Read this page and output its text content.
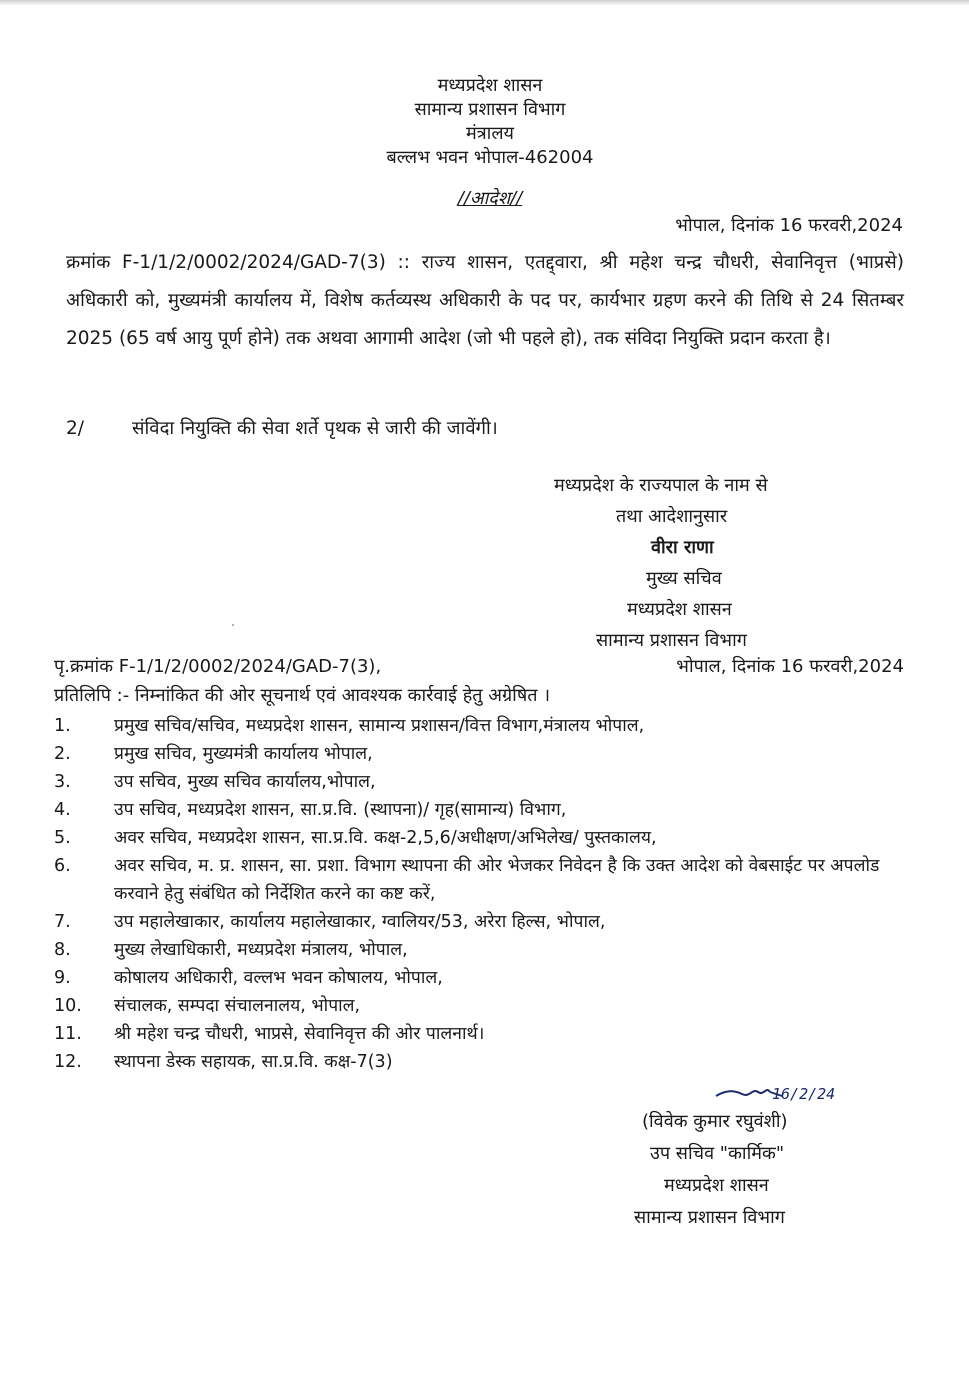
मध्यप्रदेश शासन
सामान्य प्रशासन विभाग
मंत्रालय
बल्लभ भवन भोपाल-462004
//आदेश//
भोपाल, दिनांक 16 फरवरी,2024
क्रमांक F-1/1/2/0002/2024/GAD-7(3) :: राज्य शासन, एतद्द्वारा, श्री महेश चन्द्र चौधरी, सेवानिवृत्त (भाप्रसे) अधिकारी को, मुख्यमंत्री कार्यालय में, विशेष कर्तव्यस्थ अधिकारी के पद पर, कार्यभार ग्रहण करने की तिथि से 24 सितम्बर 2025 (65 वर्ष आयु पूर्ण होने) तक अथवा आगामी आदेश (जो भी पहले हो), तक संविदा नियुक्ति प्रदान करता है।
2/	संविदा नियुक्ति की सेवा शर्ते पृथक से जारी की जावेंगी।
मध्यप्रदेश के राज्यपाल के नाम से
तथा आदेशानुसार
वीरा राणा
मुख्य सचिव
मध्यप्रदेश शासन
सामान्य प्रशासन विभाग
पृ.क्रमांक F-1/1/2/0002/2024/GAD-7(3),	भोपाल, दिनांक 16 फरवरी,2024
प्रतिलिपि :- निम्नांकित की ओर सूचनार्थ एवं आवश्यक कार्रवाई हेतु अग्रेषित ।
1.	प्रमुख सचिव/सचिव, मध्यप्रदेश शासन, सामान्य प्रशासन/वित्त विभाग,मंत्रालय भोपाल,
2.	प्रमुख सचिव, मुख्यमंत्री कार्यालय भोपाल,
3.	उप सचिव, मुख्य सचिव कार्यालय,भोपाल,
4.	उप सचिव, मध्यप्रदेश शासन, सा.प्र.वि. (स्थापना)/ गृह(सामान्य) विभाग,
5.	अवर सचिव, मध्यप्रदेश शासन, सा.प्र.वि. कक्ष-2,5,6/अधीक्षण/अभिलेख/ पुस्तकालय,
6.	अवर सचिव, म. प्र. शासन, सा. प्रशा. विभाग स्थापना की ओर भेजकर निवेदन है कि उक्त आदेश को वेबसाईट पर अपलोड करवाने हेतु संबंधित को निर्देशित करने का कष्ट करें,
7.	उप महालेखाकार, कार्यालय महालेखाकार, ग्वालियर/53, अरेरा हिल्स, भोपाल,
8.	मुख्य लेखाधिकारी, मध्यप्रदेश मंत्रालय, भोपाल,
9.	कोषालय अधिकारी, वल्लभ भवन कोषालय, भोपाल,
10.	संचालक, सम्पदा संचालनालय, भोपाल,
11.	श्री महेश चन्द्र चौधरी, भाप्रसे, सेवानिवृत्त की ओर पालनार्थ।
12.	स्थापना डेस्क सहायक, सा.प्र.वि. कक्ष-7(3)
16/2/24
(विवेक कुमार रघुवंशी)
उप सचिव "कार्मिक"
मध्यप्रदेश शासन
सामान्य प्रशासन विभाग
